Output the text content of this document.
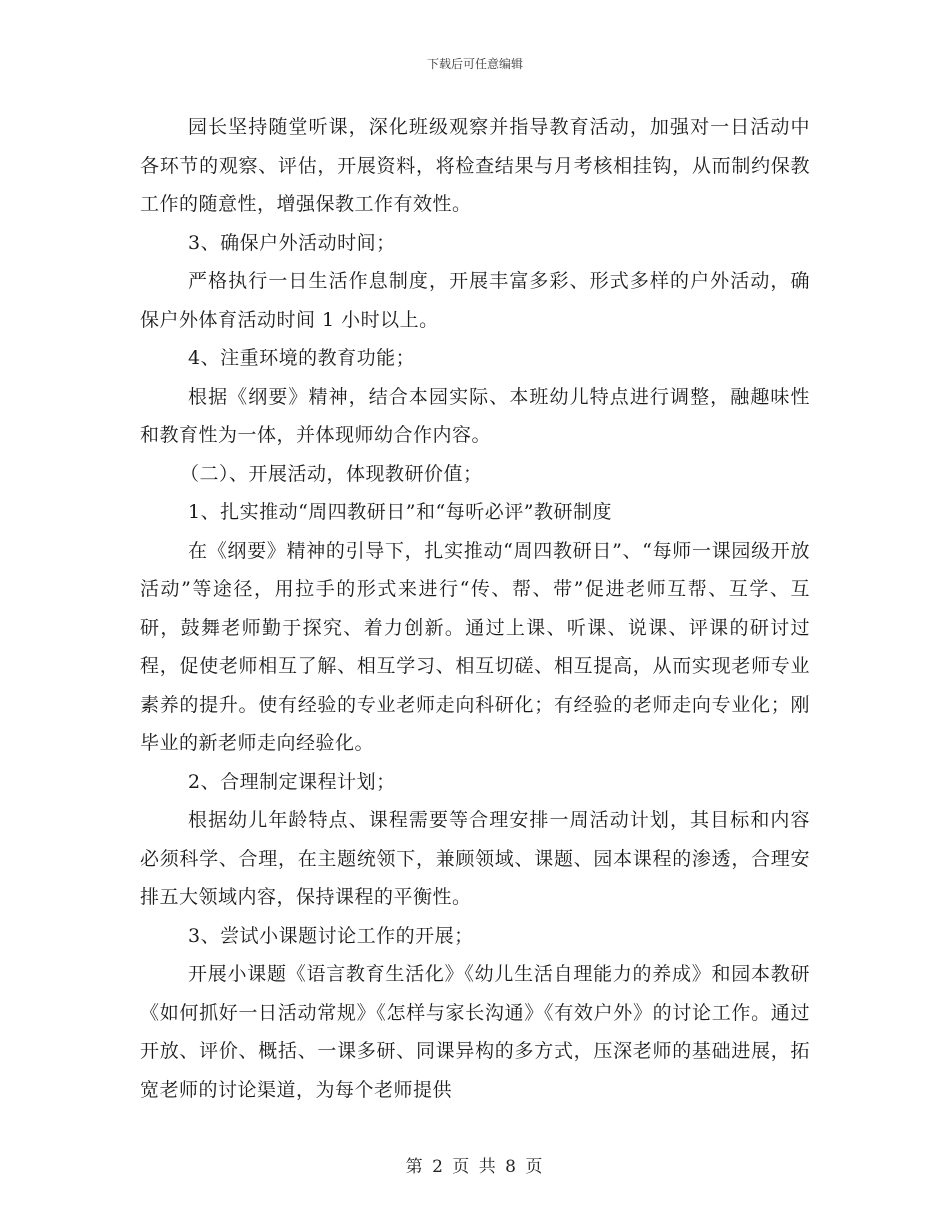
下载后可任意编辑

园长坚持随堂听课，深化班级观察并指导教育活动，加强对一日活动中各环节的观察、评估，开展资料，将检查结果与月考核相挂钩，从而制约保教工作的随意性，增强保教工作有效性。

3、确保户外活动时间；

严格执行一日生活作息制度，开展丰富多彩、形式多样的户外活动，确保户外体育活动时间 1 小时以上。

4、注重环境的教育功能；

根据《纲要》精神，结合本园实际、本班幼儿特点进行调整，融趣味性和教育性为一体，并体现师幼合作内容。

（二）、开展活动，体现教研价值；

1、扎实推动“周四教研日”和“每听必评”教研制度

在《纲要》精神的引导下，扎实推动“周四教研日”、“每师一课园级开放活动”等途径，用拉手的形式来进行“传、帮、带”促进老师互帮、互学、互研，鼓舞老师勤于探究、着力创新。通过上课、听课、说课、评课的研讨过程，促使老师相互了解、相互学习、相互切磋、相互提高，从而实现老师专业素养的提升。使有经验的专业老师走向科研化；有经验的老师走向专业化；刚毕业的新老师走向经验化。

2、合理制定课程计划；

根据幼儿年龄特点、课程需要等合理安排一周活动计划，其目标和内容必须科学、合理，在主题统领下，兼顾领域、课题、园本课程的渗透，合理安排五大领域内容，保持课程的平衡性。

3、尝试小课题讨论工作的开展；

开展小课题《语言教育生活化》《幼儿生活自理能力的养成》和园本教研《如何抓好一日活动常规》《怎样与家长沟通》《有效户外》的讨论工作。通过开放、评价、概括、一课多研、同课异构的多方式，压深老师的基础进展，拓宽老师的讨论渠道，为每个老师提供

第 2 页 共 8 页
